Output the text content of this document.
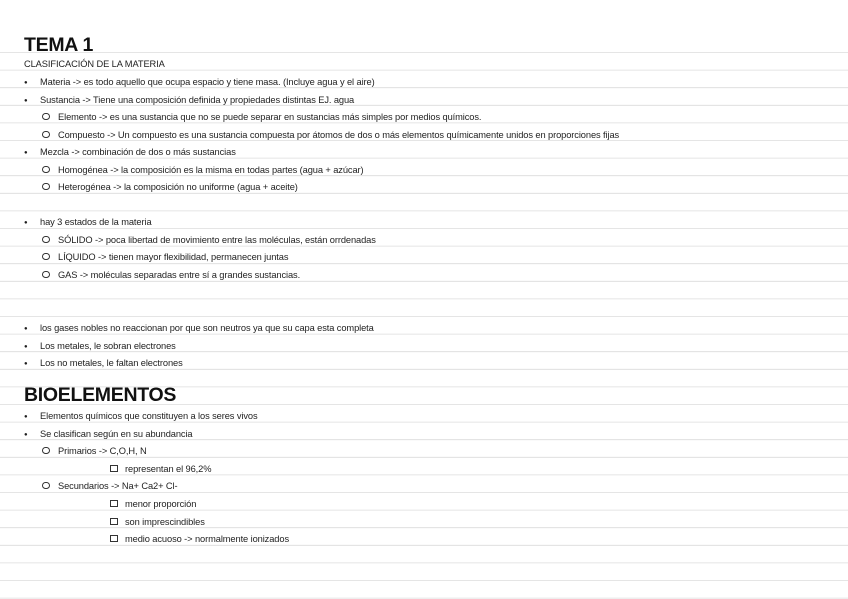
TEMA 1
CLASIFICACIÓN DE LA MATERIA
●Materia -> es todo aquello que ocupa espacio y tiene masa. (Incluye agua y el aire)
●Sustancia -> Tiene una composición definida y propiedades distintas EJ. agua
Elemento -> es una sustancia que no se puede separar en sustancias más simples por medios químicos.
Compuesto -> Un compuesto es una sustancia compuesta por átomos de dos o más elementos químicamente unidos en proporciones fijas
●Mezcla -> combinación de dos o más sustancias
Homogénea -> la composición es la misma en todas partes (agua + azúcar)
Heterogénea -> la composición no uniforme (agua + aceite)
●hay 3 estados de la materia
SÓLIDO -> poca libertad de movimiento entre las moléculas, están orrdenadas
LÍQUIDO -> tienen mayor flexibilidad, permanecen juntas
GAS -> moléculas separadas entre sí a grandes sustancias.
●los gases nobles no reaccionan por que son neutros ya que su capa esta completa
●Los metales, le sobran electrones
●Los no metales, le faltan electrones
BIOELEMENTOS
●Elementos químicos que constituyen a los seres vivos
●Se clasifican según en su abundancia
Primarios -> C,O,H, N
representan el 96,2%
Secundarios -> Na+ Ca2+ Cl-
menor proporción
son imprescindibles
medio acuoso -> normalmente ionizados
